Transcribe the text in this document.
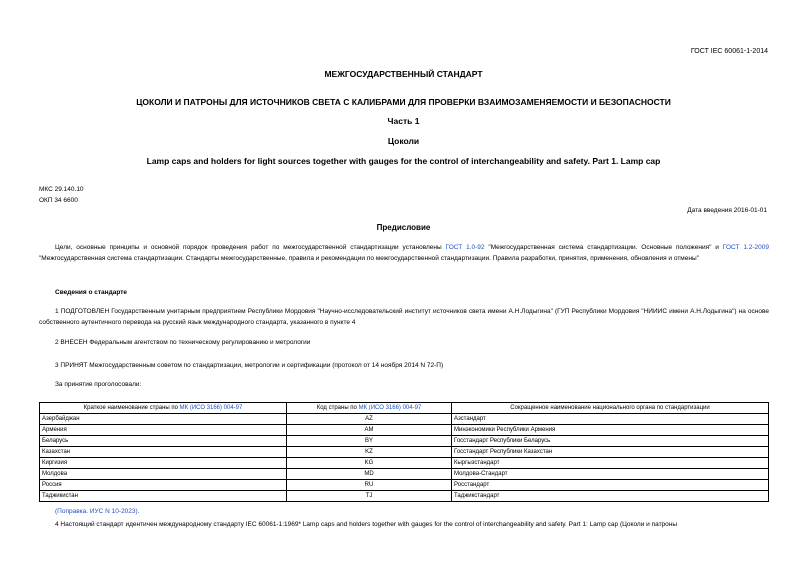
ГОСТ IEC 60061-1-2014
МЕЖГОСУДАРСТВЕННЫЙ СТАНДАРТ
ЦОКОЛИ И ПАТРОНЫ ДЛЯ ИСТОЧНИКОВ СВЕТА С КАЛИБРАМИ ДЛЯ ПРОВЕРКИ ВЗАИМОЗАМЕНЯЕМОСТИ И БЕЗОПАСНОСТИ
Часть 1
Цоколи
Lamp caps and holders for light sources together with gauges for the control of interchangeability and safety. Part 1. Lamp cap
МКС 29.140.10
ОКП 34 6600
Дата введения 2016-01-01
Предисловие
Цели, основные принципы и основной порядок проведения работ по межгосударственной стандартизации установлены ГОСТ 1.0-92 "Межгосударственная система стандартизации. Основные положения" и ГОСТ 1.2-2009 "Межгосударственная система стандартизации. Стандарты межгосударственные, правила и рекомендации по межгосударственной стандартизации. Правила разработки, принятия, применения, обновления и отмены"
Сведения о стандарте
1 ПОДГОТОВЛЕН Государственным унитарным предприятием Республики Мордовия "Научно-исследовательский институт источников света имени А.Н.Лодыгина" (ГУП Республики Мордовия "НИИИС имени А.Н.Лодыгина") на основе собственного аутентичного перевода на русский язык международного стандарта, указанного в пункте 4
2 ВНЕСЕН Федеральным агентством по техническому регулированию и метрологии
3 ПРИНЯТ Межгосударственным советом по стандартизации, метрологии и сертификации (протокол от 14 ноября 2014 N 72-П)
За принятие проголосовали:
Краткое наименование страны по МК (ИСО 3166) 004-97	Код страны по МК (ИСО 3166) 004-97	Сокращенное наименование национального органа по стандартизации
Азербайджан	AZ	Азстандарт
Армения	AM	Минэкономики Республики Армения
Беларусь	BY	Госстандарт Республики Беларусь
Казахстан	KZ	Госстандарт Республики Казахстан
Киргизия	KG	Кыргызстандарт
Молдова	MD	Молдова-Стандарт
Россия	RU	Росстандарт
Таджикистан	TJ	Таджикстандарт
(Поправка. ИУС N 10-2023).
4 Настоящий стандарт идентичен международному стандарту IEC 60061-1:1969* Lamp caps and holders together with gauges for the control of interchangeability and safety. Part 1: Lamp cap (Цоколи и патроны
